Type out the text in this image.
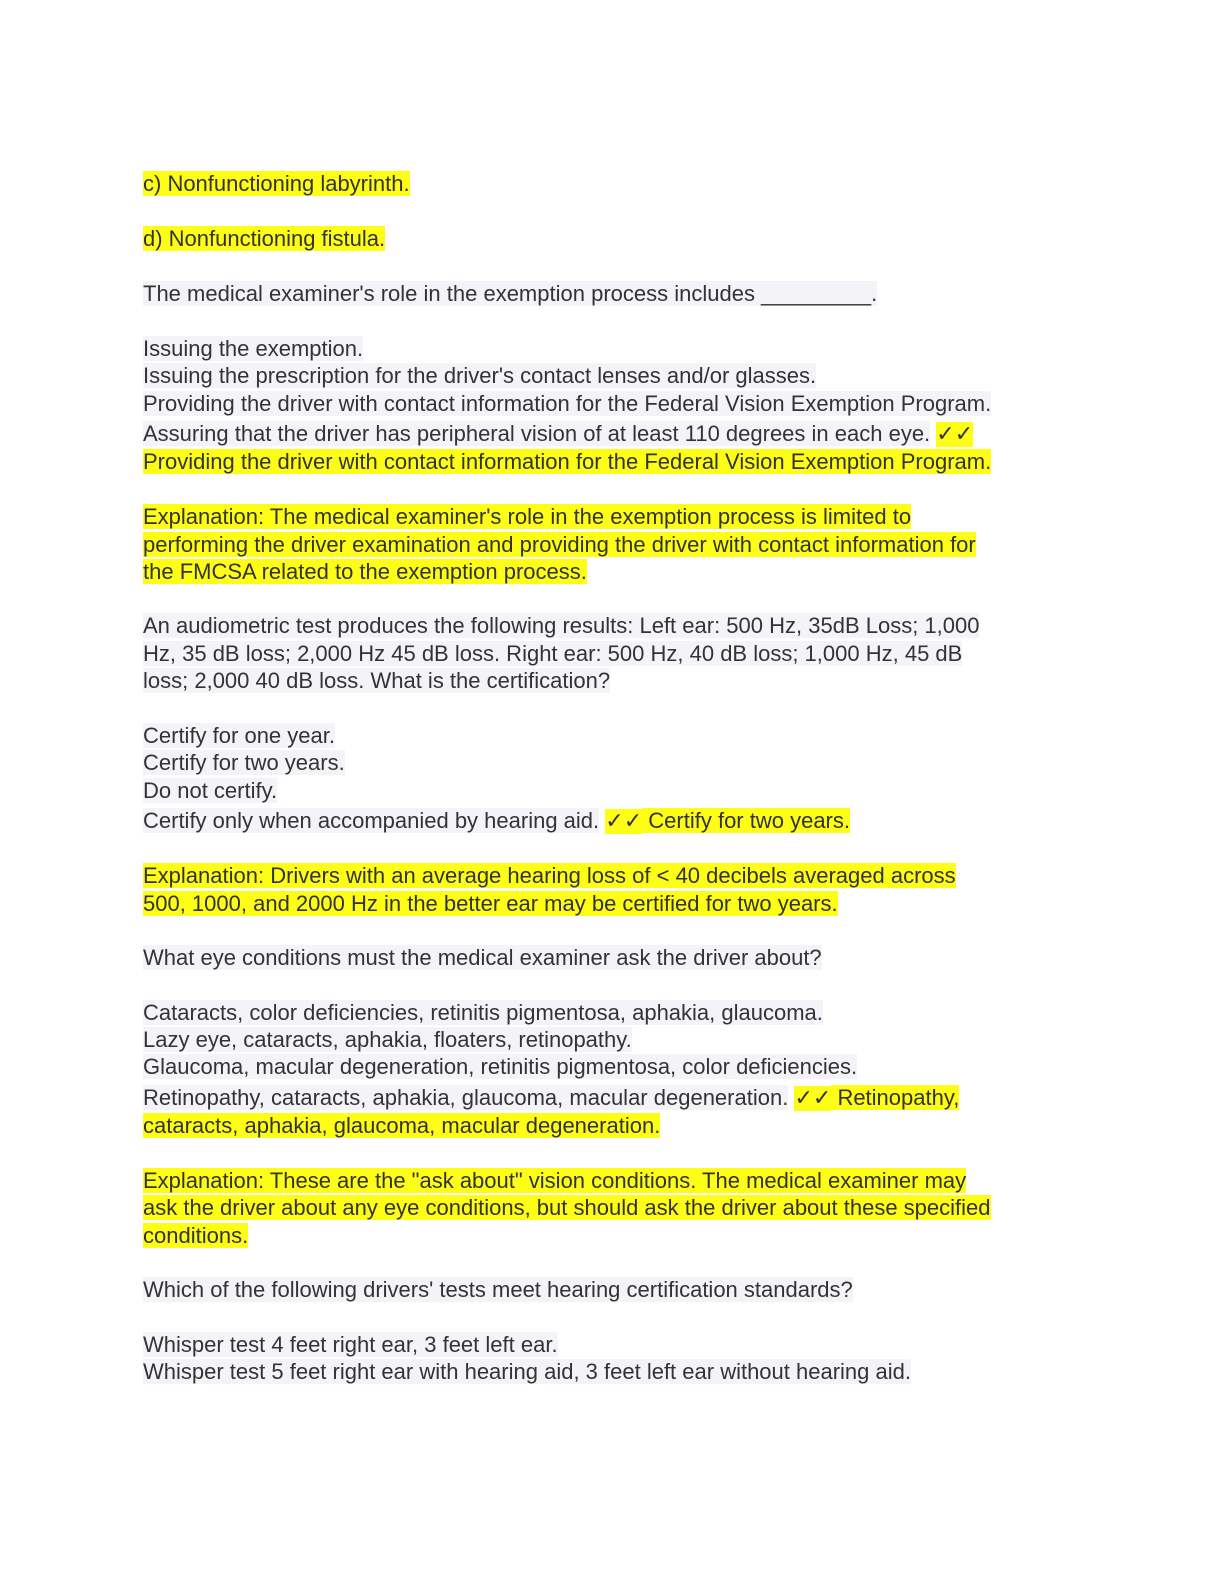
c) Nonfunctioning labyrinth.
d) Nonfunctioning fistula.
The medical examiner's role in the exemption process includes _________.
Issuing the exemption.
Issuing the prescription for the driver's contact lenses and/or glasses.
Providing the driver with contact information for the Federal Vision Exemption Program.
Assuring that the driver has peripheral vision of at least 110 degrees in each eye. ✓✓
Providing the driver with contact information for the Federal Vision Exemption Program.
Explanation: The medical examiner's role in the exemption process is limited to
performing the driver examination and providing the driver with contact information for
the FMCSA related to the exemption process.
An audiometric test produces the following results: Left ear: 500 Hz, 35dB Loss; 1,000
Hz, 35 dB loss; 2,000 Hz 45 dB loss. Right ear: 500 Hz, 40 dB loss; 1,000 Hz, 45 dB
loss; 2,000 40 dB loss. What is the certification?
Certify for one year.
Certify for two years.
Do not certify.
Certify only when accompanied by hearing aid. ✓✓ Certify for two years.
Explanation: Drivers with an average hearing loss of < 40 decibels averaged across
500, 1000, and 2000 Hz in the better ear may be certified for two years.
What eye conditions must the medical examiner ask the driver about?
Cataracts, color deficiencies, retinitis pigmentosa, aphakia, glaucoma.
Lazy eye, cataracts, aphakia, floaters, retinopathy.
Glaucoma, macular degeneration, retinitis pigmentosa, color deficiencies.
Retinopathy, cataracts, aphakia, glaucoma, macular degeneration. ✓✓ Retinopathy,
cataracts, aphakia, glaucoma, macular degeneration.
Explanation: These are the "ask about" vision conditions. The medical examiner may
ask the driver about any eye conditions, but should ask the driver about these specified
conditions.
Which of the following drivers' tests meet hearing certification standards?
Whisper test 4 feet right ear, 3 feet left ear.
Whisper test 5 feet right ear with hearing aid, 3 feet left ear without hearing aid.
